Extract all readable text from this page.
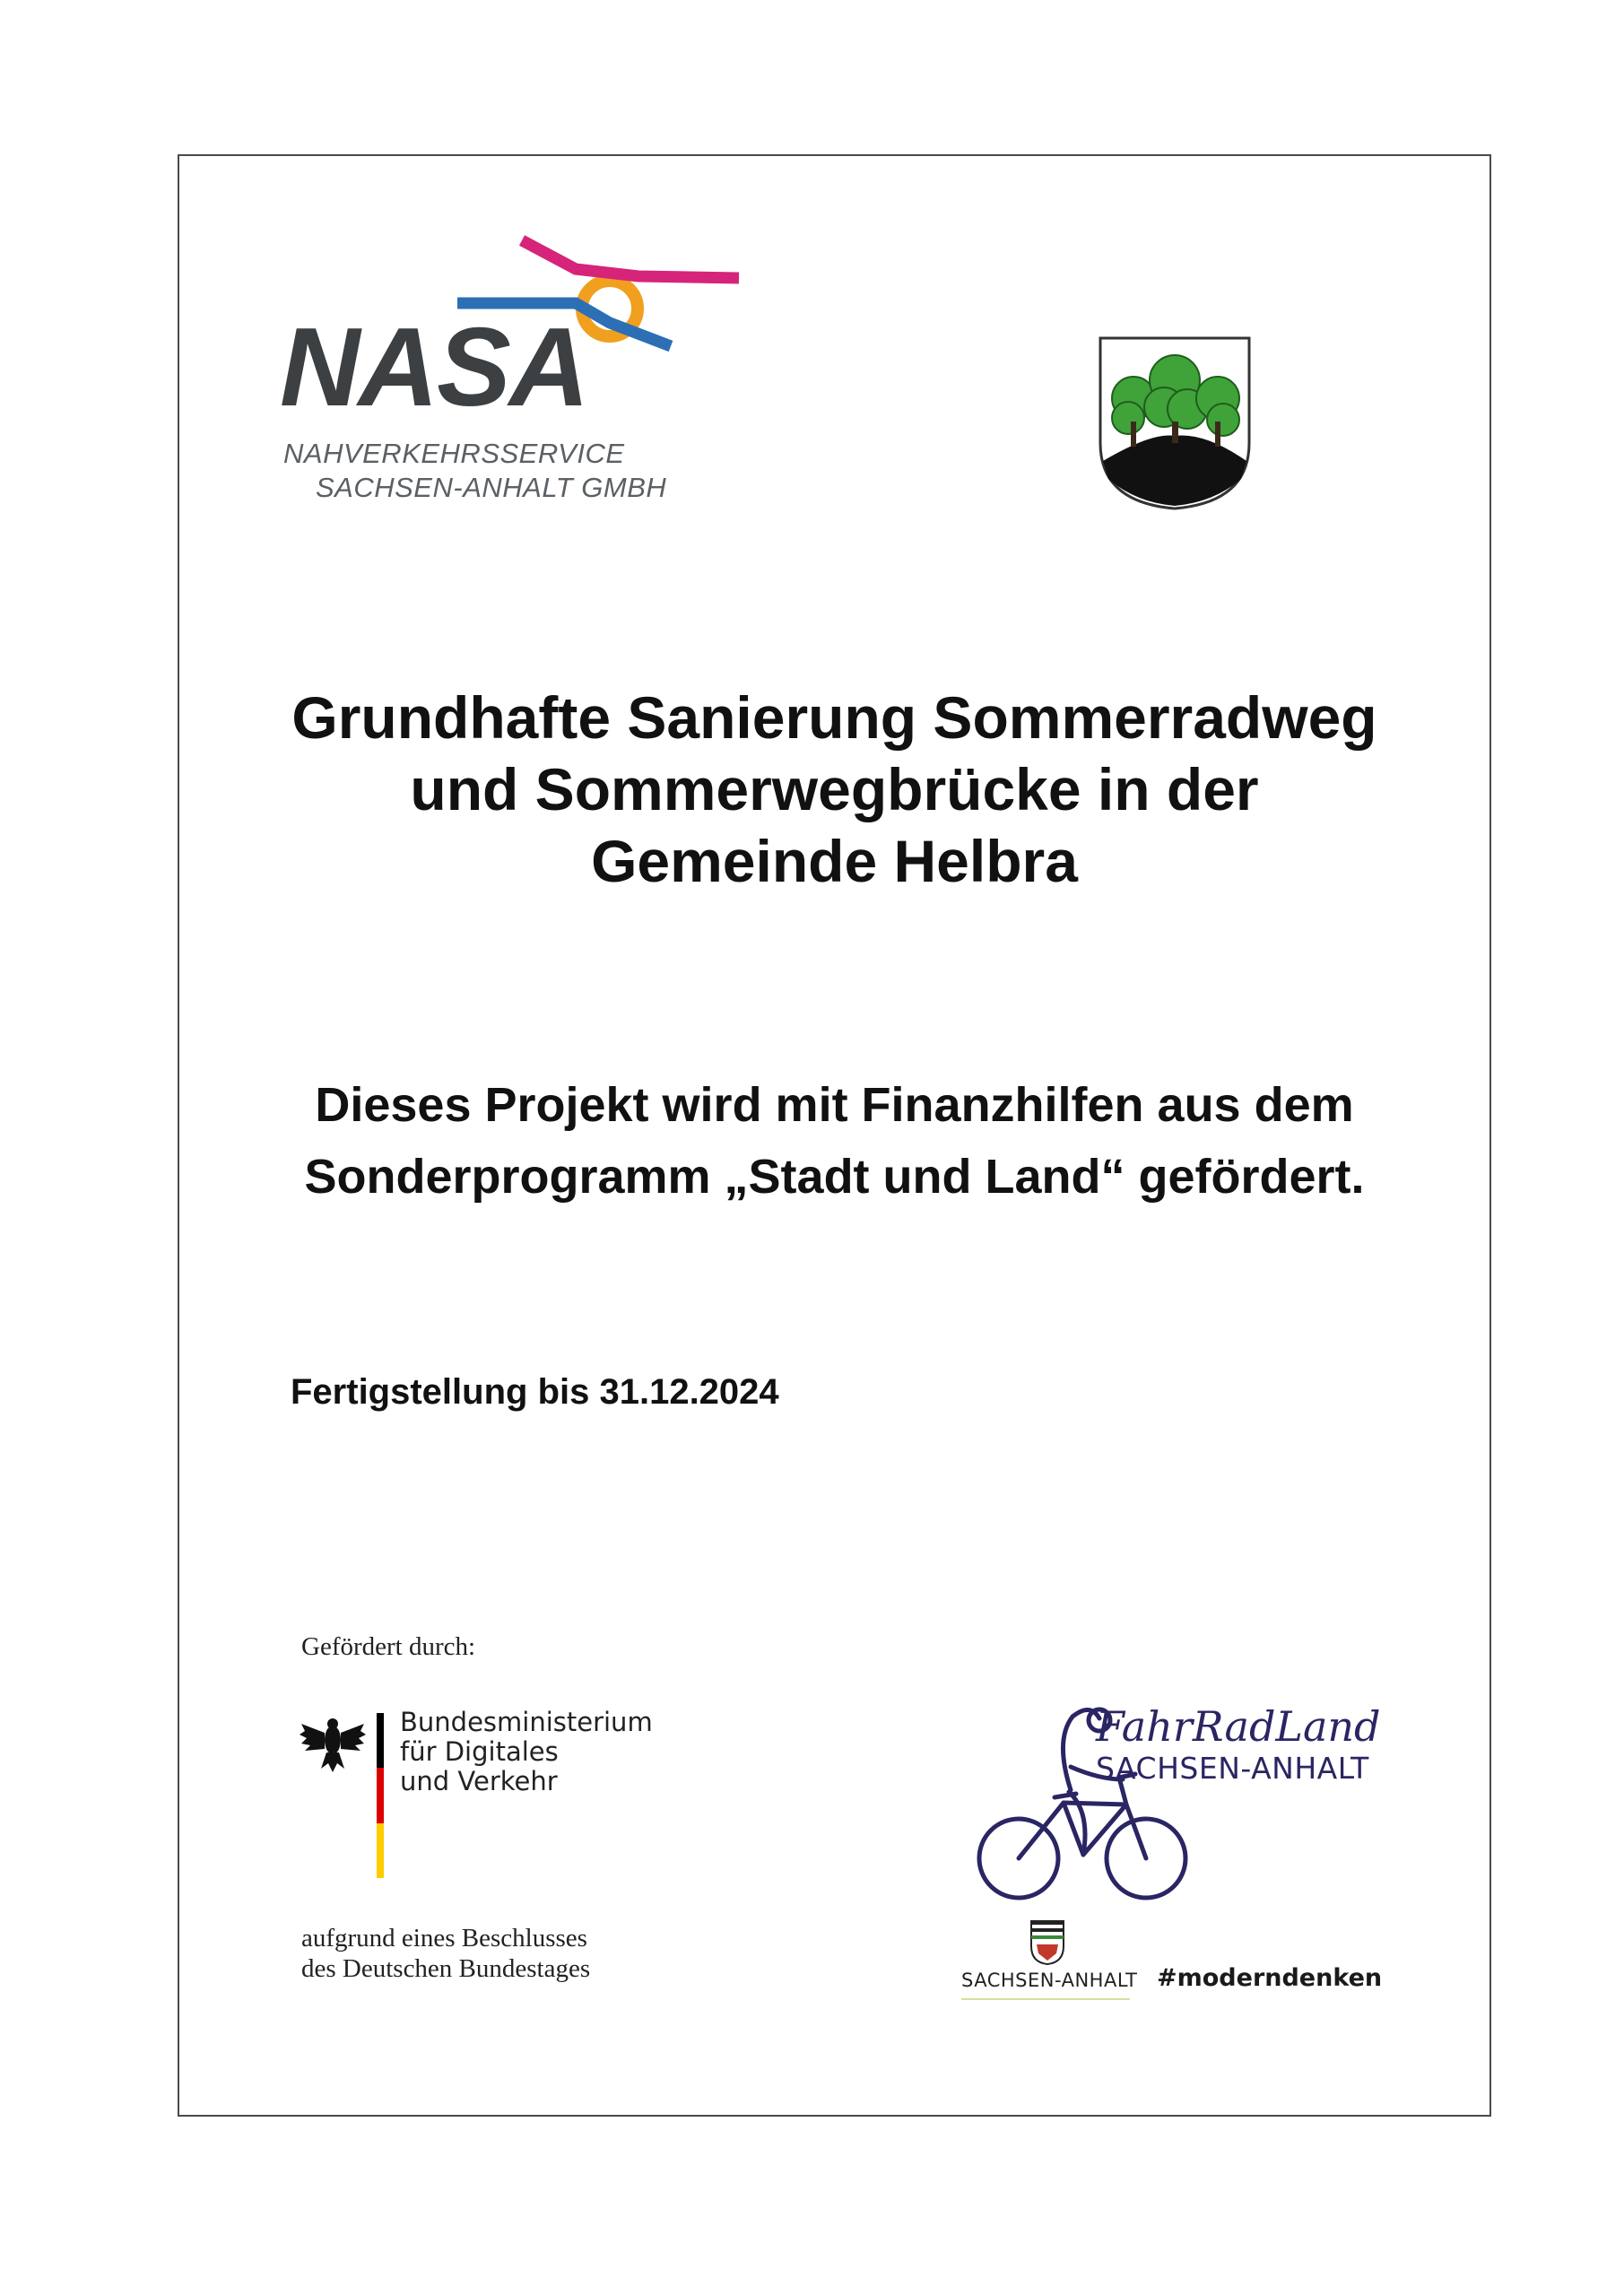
NASA
NAHVERKEHRSSERVICE
SACHSEN-ANHALT GMBH
Grundhafte Sanierung Sommerradweg
und Sommerwegbrücke in der
Gemeinde Helbra
Dieses Projekt wird mit Finanzhilfen aus dem
Sonderprogramm „Stadt und Land“ gefördert.
Fertigstellung bis 31.12.2024
Gefördert durch:
Bundesministerium
für Digitales
und Verkehr
aufgrund eines Beschlusses
des Deutschen Bundestages
FahrRadLand
SACHSEN-ANHALT
SACHSEN-ANHALT #moderndenken
